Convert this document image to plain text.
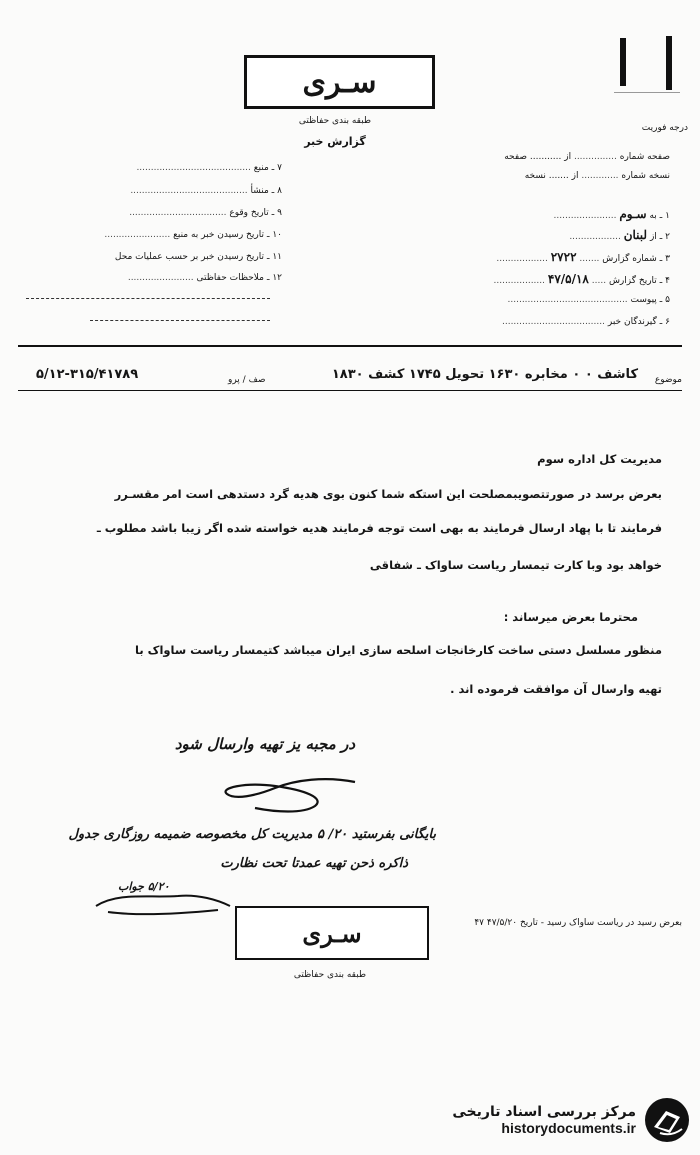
درجه فوریت
سـرى
طبقه بندی حفاظتی
گزارش خبر
صفحه شماره ............... از ........... صفحه
نسخه شماره ............. از ....... نسخه
۱ ـ به سـوم ......................
۲ ـ از لبنان ..................
۳ ـ شماره گزارش ....... ۲۷۲۲ ..................
۴ ـ تاریخ گزارش ..... ۴۷/۵/۱۸ ..................
۵ ـ پیوست ..........................................
۶ ـ گیرندگان خبر ....................................
۷ ـ منبع ........................................
۸ ـ منشأ .........................................
۹ ـ تاریخ وقوع ..................................
۱۰ ـ تاریخ رسیدن خبر به منبع .......................
۱۱ ـ تاریخ رسیدن خبر بر حسب عملیات محل
۱۲ ـ ملاحظات حفاظتی .......................
موضوع
کاشف ۰ ۰ مخابره ۱۶۳۰ تحویل ۱۷۴۵ کشف ۱۸۳۰
صف / پرو
۵/۱۲-۳۱۵/۴۱۷۸۹
مدیریت کل اداره سوم
بعرض برسد در صورتتصویبمصلحت این استکه شما کنون بوی هدیه گرد دستدهی است امر مقسـرر
فرمایند تا با پهاد ارسال فرمایند به بهی است توجه فرمایند هدیه خواسته شده اگر زیبا باشد مطلوب ـ
خواهد بود وبا کارت تیمسار ریاست ساواک ـ شفاقی
محترما بعرض میرساند :
منظور مسلسل دستی ساخت کارخانجات اسلحه سازی ایران میباشد کتیمسار ریاست ساواک با
تهیه وارسال آن موافقت فرموده اند .
در مجبه یز تهیه وارسال شود
بایگانی بفرستید ۲۰/ ۵ مدیریت کل مخصوصه ضمیمه روزگاری جدول
ذاکره ذحن تهیه عمدتا تحت نظارت
۵/۲۰ جواب
بعرض رسید در ریاست ساواک رسید - تاریخ ۴۷/۵/۲۰ ۴۷
سـری
طبقه بندی حفاظتی
مرکز بررسی اسناد تاریخی
historydocuments.ir
